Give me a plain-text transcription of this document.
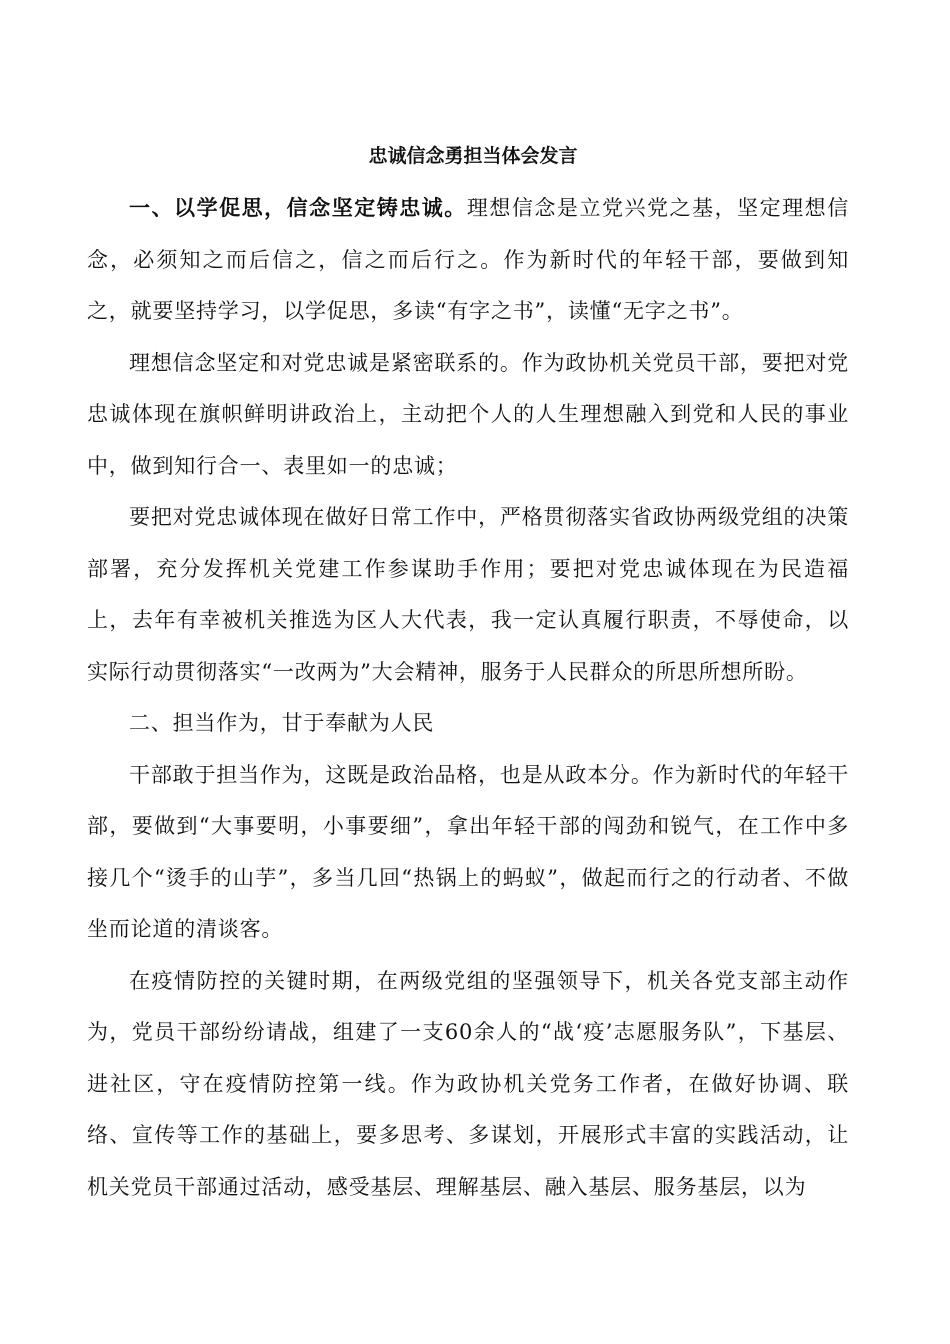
忠诚信念勇担当体会发言

一、以学促思，信念坚定铸忠诚。理想信念是立党兴党之基，坚定理想信念，必须知之而后信之，信之而后行之。作为新时代的年轻干部，要做到知之，就要坚持学习，以学促思，多读“有字之书”，读懂“无字之书”。

理想信念坚定和对党忠诚是紧密联系的。作为政协机关党员干部，要把对党忠诚体现在旗帜鲜明讲政治上，主动把个人的人生理想融入到党和人民的事业中，做到知行合一、表里如一的忠诚；

要把对党忠诚体现在做好日常工作中，严格贯彻落实省政协两级党组的决策部署，充分发挥机关党建工作参谋助手作用；要把对党忠诚体现在为民造福上，去年有幸被机关推选为区人大代表，我一定认真履行职责，不辱使命，以实际行动贯彻落实“一改两为”大会精神，服务于人民群众的所思所想所盼。

二、担当作为，甘于奉献为人民

干部敢于担当作为，这既是政治品格，也是从政本分。作为新时代的年轻干部，要做到“大事要明，小事要细”，拿出年轻干部的闯劲和锐气，在工作中多接几个“烫手的山芋”，多当几回“热锅上的蚂蚁”，做起而行之的行动者、不做坐而论道的清谈客。

在疫情防控的关键时期，在两级党组的坚强领导下，机关各党支部主动作为，党员干部纷纷请战，组建了一支60余人的“战‘疫’志愿服务队”，下基层、进社区，守在疫情防控第一线。作为政协机关党务工作者，在做好协调、联络、宣传等工作的基础上，要多思考、多谋划，开展形式丰富的实践活动，让机关党员干部通过活动，感受基层、理解基层、融入基层、服务基层，以为
